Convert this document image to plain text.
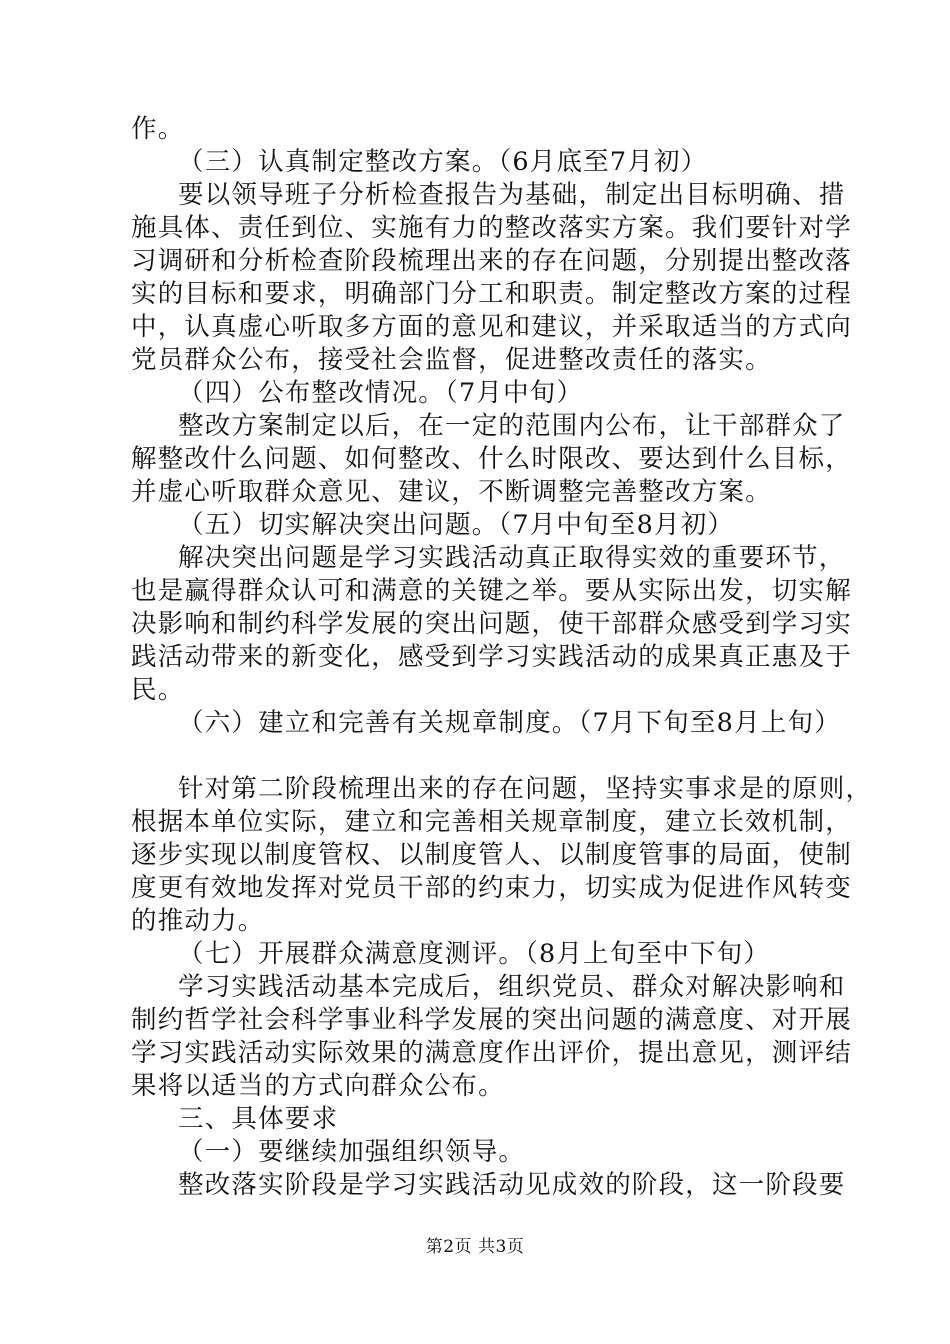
作。
（三）认真制定整改方案。（6月底至7月初）
要以领导班子分析检查报告为基础，制定出目标明确、措
施具体、责任到位、实施有力的整改落实方案。我们要针对学
习调研和分析检查阶段梳理出来的存在问题，分别提出整改落
实的目标和要求，明确部门分工和职责。制定整改方案的过程
中，认真虚心听取多方面的意见和建议，并采取适当的方式向
党员群众公布，接受社会监督，促进整改责任的落实。
（四）公布整改情况。（7月中旬）
整改方案制定以后，在一定的范围内公布，让干部群众了
解整改什么问题、如何整改、什么时限改、要达到什么目标，
并虚心听取群众意见、建议，不断调整完善整改方案。
（五）切实解决突出问题。（7月中旬至8月初）
解决突出问题是学习实践活动真正取得实效的重要环节，
也是赢得群众认可和满意的关键之举。要从实际出发，切实解
决影响和制约科学发展的突出问题，使干部群众感受到学习实
践活动带来的新变化，感受到学习实践活动的成果真正惠及于
民。
（六）建立和完善有关规章制度。（7月下旬至8月上旬）
针对第二阶段梳理出来的存在问题，坚持实事求是的原则，
根据本单位实际，建立和完善相关规章制度，建立长效机制，
逐步实现以制度管权、以制度管人、以制度管事的局面，使制
度更有效地发挥对党员干部的约束力，切实成为促进作风转变
的推动力。
（七）开展群众满意度测评。（8月上旬至中下旬）
学习实践活动基本完成后，组织党员、群众对解决影响和
制约哲学社会科学事业科学发展的突出问题的满意度、对开展
学习实践活动实际效果的满意度作出评价，提出意见，测评结
果将以适当的方式向群众公布。
三、具体要求
（一）要继续加强组织领导。
整改落实阶段是学习实践活动见成效的阶段，这一阶段要
第2页 共3页
